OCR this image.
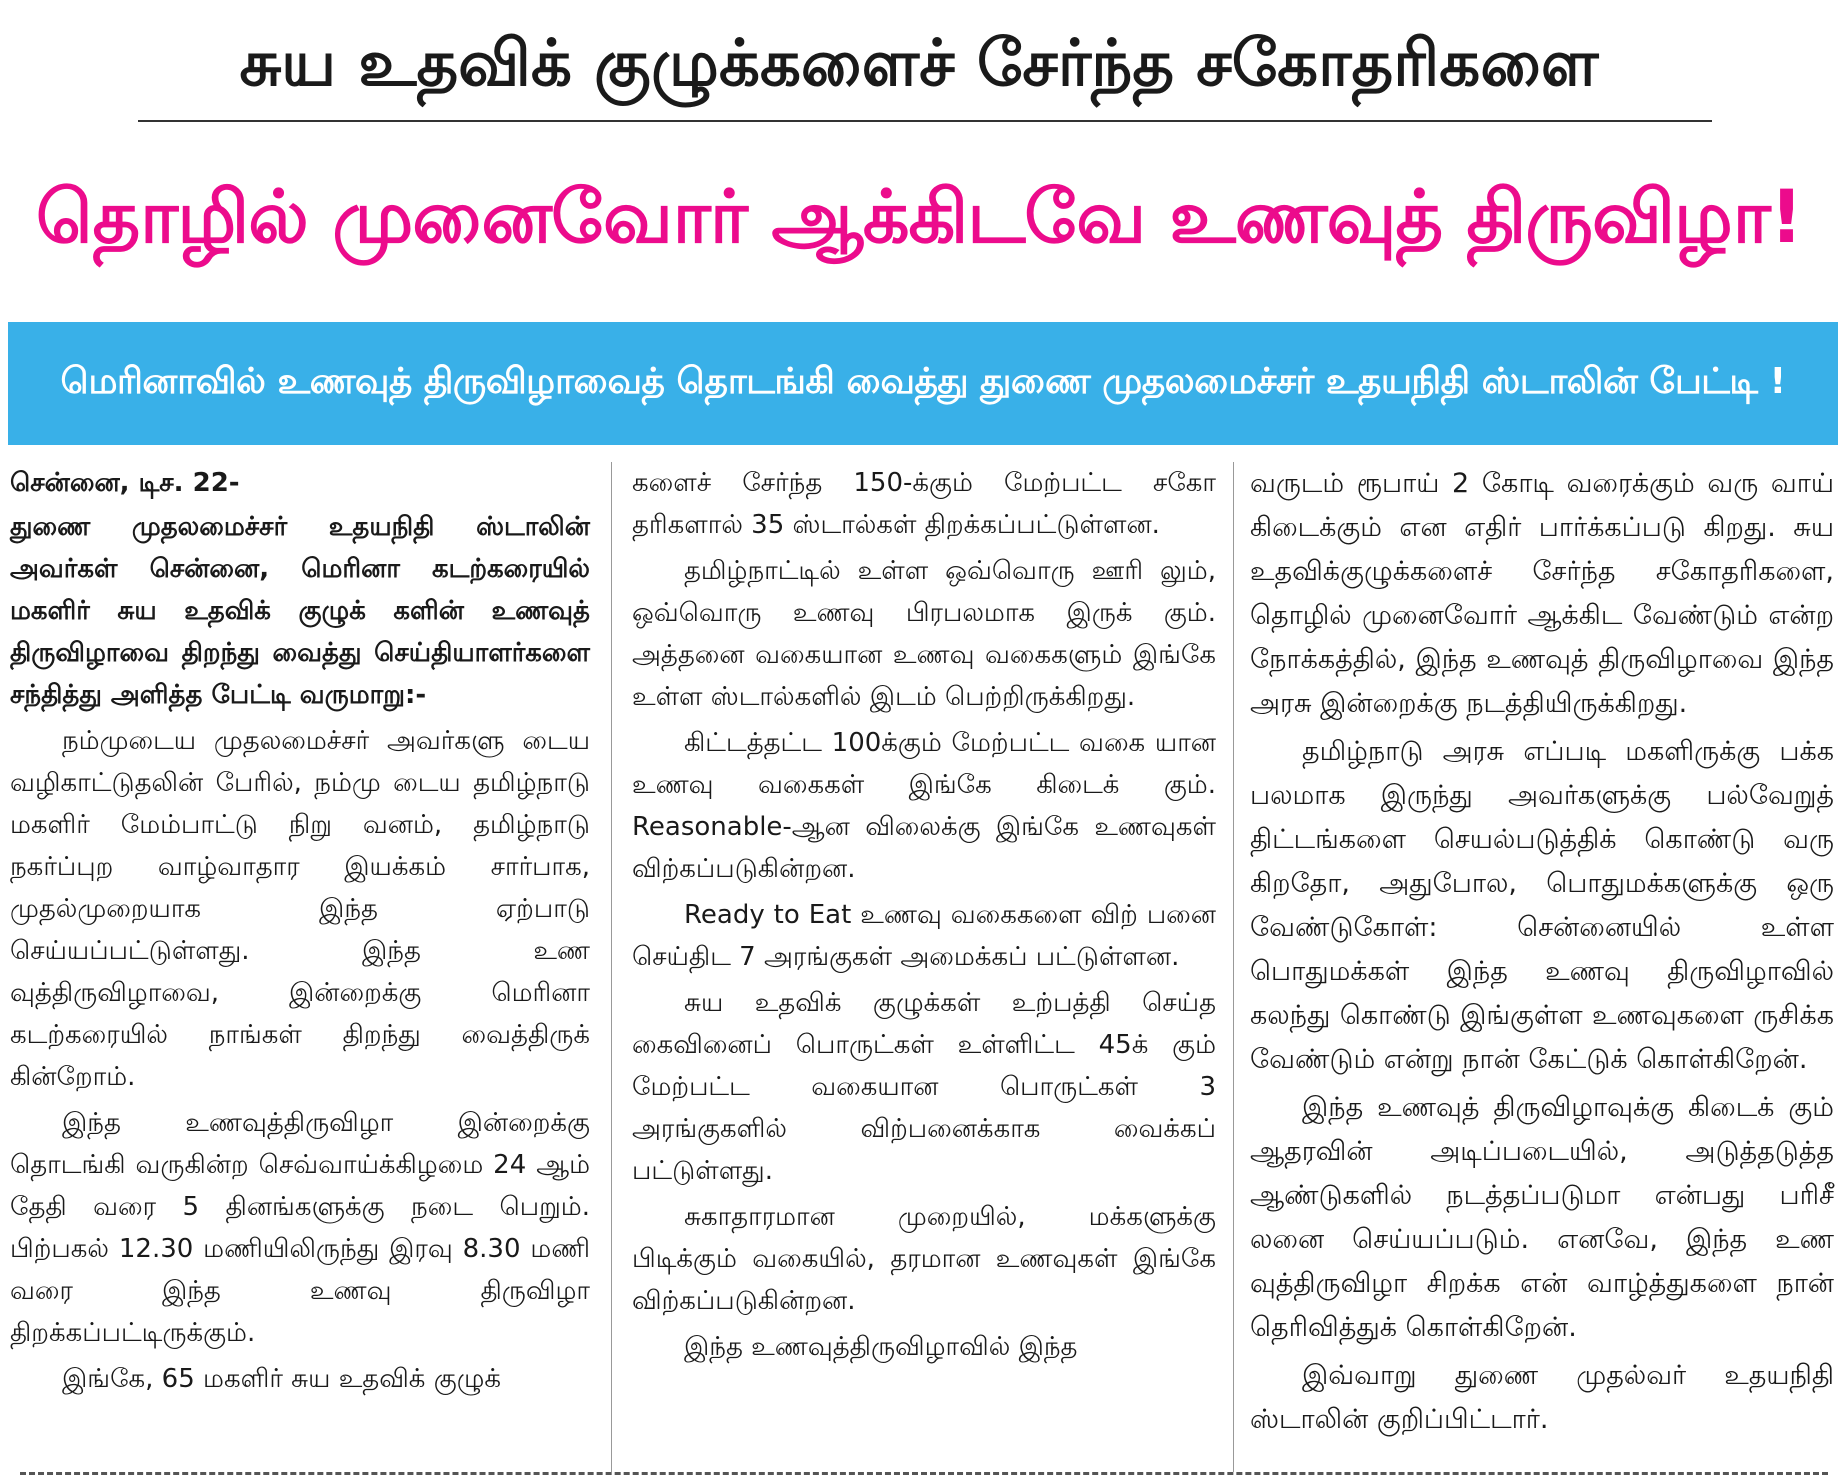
சுய உதவிக் குழுக்களைச் சேர்ந்த சகோதரிகளை
தொழில் முனைவோர் ஆக்கிடவே உணவுத் திருவிழா!
மெரினாவில் உணவுத் திருவிழாவைத் தொடங்கி வைத்து துணை முதலமைச்சர் உதயநிதி ஸ்டாலின் பேட்டி !

சென்னை, டிச. 22-

துணை முதலமைச்சர் உதயநிதி ஸ்டாலின் அவர்கள் சென்னை, மெரினா கடற்கரையில் மகளிர் சுய உதவிக் குழுக் களின் உணவுத் திருவிழாவை திறந்து வைத்து செய்தியாளர்களை சந்தித்து அளித்த பேட்டி வருமாறு:-

நம்முடைய முதலமைச்சர் அவர்களு டைய வழிகாட்டுதலின் பேரில், நம்மு டைய தமிழ்நாடு மகளிர் மேம்பாட்டு நிறு வனம், தமிழ்நாடு நகர்ப்புற வாழ்வாதார இயக்கம் சார்பாக, முதல்முறையாக இந்த ஏற்பாடு செய்யப்பட்டுள்ளது. இந்த உண வுத்திருவிழாவை, இன்றைக்கு மெரினா கடற்கரையில் நாங்கள் திறந்து வைத்திருக் கின்றோம்.

இந்த உணவுத்திருவிழா இன்றைக்கு தொடங்கி வருகின்ற செவ்வாய்க்கிழமை 24 ஆம் தேதி வரை 5 தினங்களுக்கு நடை பெறும். பிற்பகல் 12.30 மணியிலிருந்து இரவு 8.30 மணி வரை இந்த உணவு திருவிழா திறக்கப்பட்டிருக்கும்.

இங்கே, 65 மகளிர் சுய உதவிக் குழுக்

களைச் சேர்ந்த 150-க்கும் மேற்பட்ட சகோ தரிகளால் 35 ஸ்டால்கள் திறக்கப்பட்டுள்ளன.

தமிழ்நாட்டில் உள்ள ஒவ்வொரு ஊரி லும், ஒவ்வொரு உணவு பிரபலமாக இருக் கும். அத்தனை வகையான உணவு வகைகளும் இங்கே உள்ள ஸ்டால்களில் இடம் பெற்றிருக்கிறது.

கிட்டத்தட்ட 100க்கும் மேற்பட்ட வகை யான உணவு வகைகள் இங்கே கிடைக் கும். Reasonable-ஆன விலைக்கு இங்கே உணவுகள் விற்கப்படுகின்றன.

Ready to Eat உணவு வகைகளை விற் பனை செய்திட 7 அரங்குகள் அமைக்கப் பட்டுள்ளன.

சுய உதவிக் குழுக்கள் உற்பத்தி செய்த கைவினைப் பொருட்கள் உள்ளிட்ட 45க் கும் மேற்பட்ட வகையான பொருட்கள் 3 அரங்குகளில் விற்பனைக்காக வைக்கப் பட்டுள்ளது.

சுகாதாரமான முறையில், மக்களுக்கு பிடிக்கும் வகையில், தரமான உணவுகள் இங்கே விற்கப்படுகின்றன.

இந்த உணவுத்திருவிழாவில் இந்த

வருடம் ரூபாய் 2 கோடி வரைக்கும் வரு வாய் கிடைக்கும் என எதிர் பார்க்கப்படு கிறது. சுய உதவிக்குழுக்களைச் சேர்ந்த சகோதரிகளை, தொழில் முனைவோர் ஆக்கிட வேண்டும் என்ற நோக்கத்தில், இந்த உணவுத் திருவிழாவை இந்த அரசு இன்றைக்கு நடத்தியிருக்கிறது.

தமிழ்நாடு அரசு எப்படி மகளிருக்கு பக்க பலமாக இருந்து அவர்களுக்கு பல்வேறுத் திட்டங்களை செயல்படுத்திக் கொண்டு வரு கிறதோ, அதுபோல, பொதுமக்களுக்கு ஒரு வேண்டுகோள்: சென்னையில் உள்ள பொதுமக்கள் இந்த உணவு திருவிழாவில் கலந்து கொண்டு இங்குள்ள உணவுகளை ருசிக்க வேண்டும் என்று நான் கேட்டுக் கொள்கிறேன்.

இந்த உணவுத் திருவிழாவுக்கு கிடைக் கும் ஆதரவின் அடிப்படையில், அடுத்தடுத்த ஆண்டுகளில் நடத்தப்படுமா என்பது பரிசீ லனை செய்யப்படும். எனவே, இந்த உண வுத்திருவிழா சிறக்க என் வாழ்த்துகளை நான் தெரிவித்துக் கொள்கிறேன்.

இவ்வாறு துணை முதல்வர் உதயநிதி ஸ்டாலின் குறிப்பிட்டார்.
